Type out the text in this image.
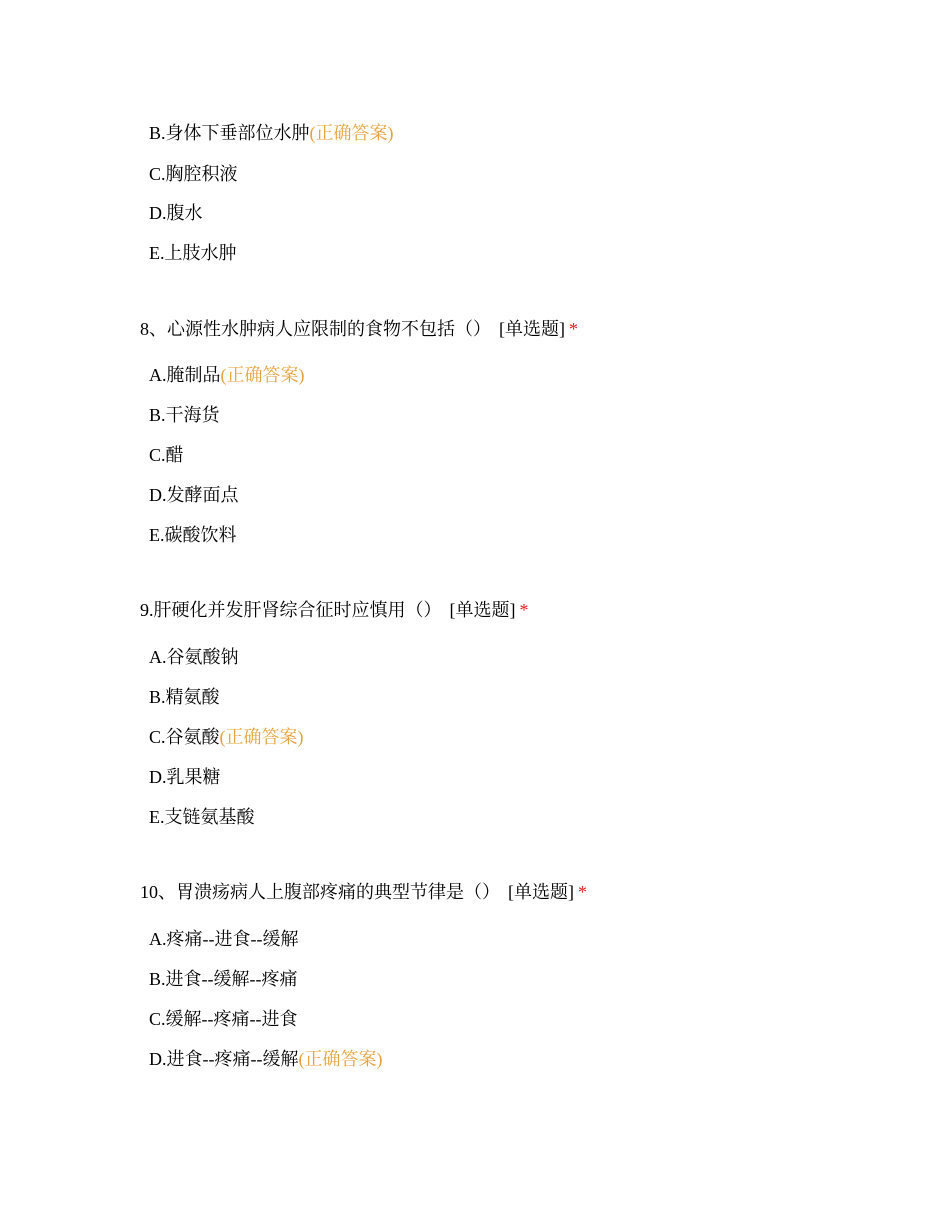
B.身体下垂部位水肿(正确答案)
C.胸腔积液
D.腹水
E.上肢水肿
8、心源性水肿病人应限制的食物不包括（） [单选题] *
A.腌制品(正确答案)
B.干海货
C.醋
D.发酵面点
E.碳酸饮料
9.肝硬化并发肝肾综合征时应慎用（） [单选题] *
A.谷氨酸钠
B.精氨酸
C.谷氨酸(正确答案)
D.乳果糖
E.支链氨基酸
10、胃溃疡病人上腹部疼痛的典型节律是（） [单选题] *
A.疼痛--进食--缓解
B.进食--缓解--疼痛
C.缓解--疼痛--进食
D.进食--疼痛--缓解(正确答案)
